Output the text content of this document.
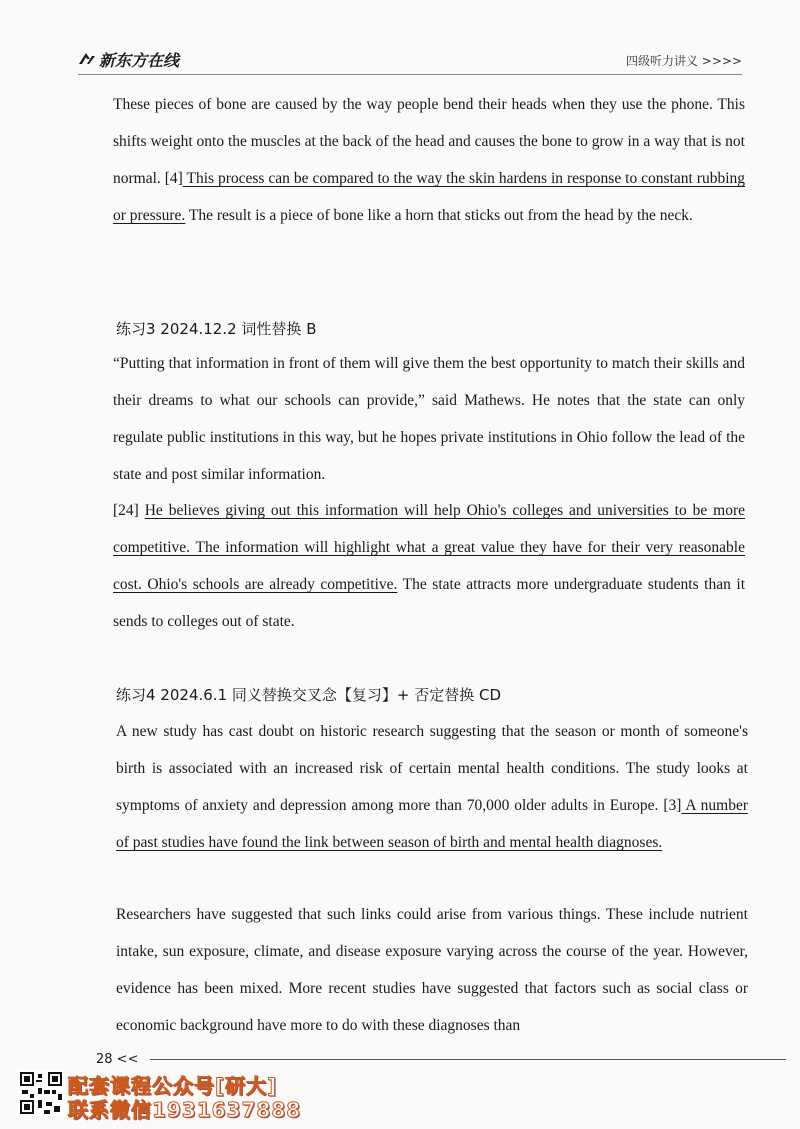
新东方在线	四级听力讲义 >>>>
These pieces of bone are caused by the way people bend their heads when they use the phone. This shifts weight onto the muscles at the back of the head and causes the bone to grow in a way that is not normal. [4] This process can be compared to the way the skin hardens in response to constant rubbing or pressure. The result is a piece of bone like a horn that sticks out from the head by the neck.
练习3 2024.12.2 词性替换 B
“Putting that information in front of them will give them the best opportunity to match their skills and their dreams to what our schools can provide,” said Mathews. He notes that the state can only regulate public institutions in this way, but he hopes private institutions in Ohio follow the lead of the state and post similar information.
[24] He believes giving out this information will help Ohio's colleges and universities to be more competitive. The information will highlight what a great value they have for their very reasonable cost. Ohio's schools are already competitive. The state attracts more undergraduate students than it sends to colleges out of state.
练习4 2024.6.1 同义替换交叉念【复习】+ 否定替换 CD
A new study has cast doubt on historic research suggesting that the season or month of someone's birth is associated with an increased risk of certain mental health conditions. The study looks at symptoms of anxiety and depression among more than 70,000 older adults in Europe. [3] A number of past studies have found the link between season of birth and mental health diagnoses.
Researchers have suggested that such links could arise from various things. These include nutrient intake, sun exposure, climate, and disease exposure varying across the course of the year. However, evidence has been mixed. More recent studies have suggested that factors such as social class or economic background have more to do with these diagnoses than
28 <<
配套课程公众号[研大]
联系微信1931637888
